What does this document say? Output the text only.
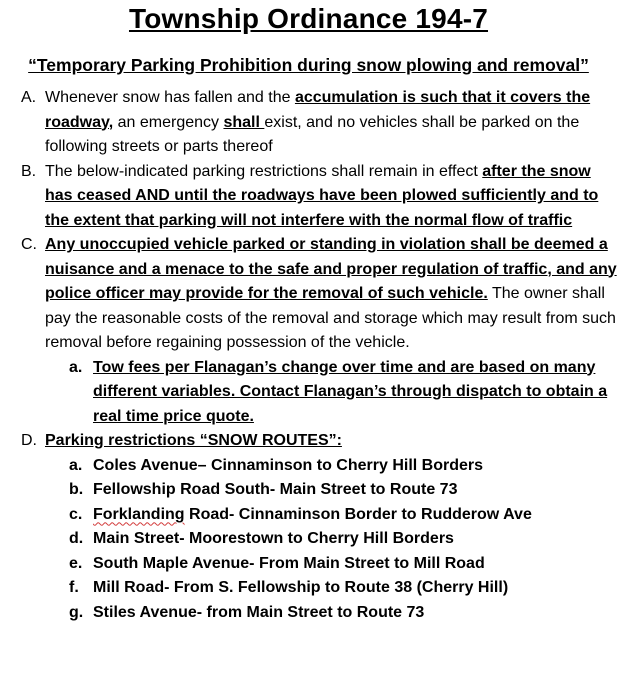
Township Ordinance 194-7
“Temporary Parking Prohibition during snow plowing and removal”
A. Whenever snow has fallen and the accumulation is such that it covers the roadway, an emergency shall exist, and no vehicles shall be parked on the following streets or parts thereof
B. The below-indicated parking restrictions shall remain in effect after the snow has ceased AND until the roadways have been plowed sufficiently and to the extent that parking will not interfere with the normal flow of traffic
C. Any unoccupied vehicle parked or standing in violation shall be deemed a nuisance and a menace to the safe and proper regulation of traffic, and any police officer may provide for the removal of such vehicle. The owner shall pay the reasonable costs of the removal and storage which may result from such removal before regaining possession of the vehicle.
a. Tow fees per Flanagan’s change over time and are based on many different variables. Contact Flanagan’s through dispatch to obtain a real time price quote.
D. Parking restrictions “SNOW ROUTES”:
a. Coles Avenue– Cinnaminson to Cherry Hill Borders
b. Fellowship Road South- Main Street to Route 73
c. Forklanding Road- Cinnaminson Border to Rudderow Ave
d. Main Street- Moorestown to Cherry Hill Borders
e. South Maple Avenue- From Main Street to Mill Road
f. Mill Road- From S. Fellowship to Route 38 (Cherry Hill)
g. Stiles Avenue- from Main Street to Route 73
